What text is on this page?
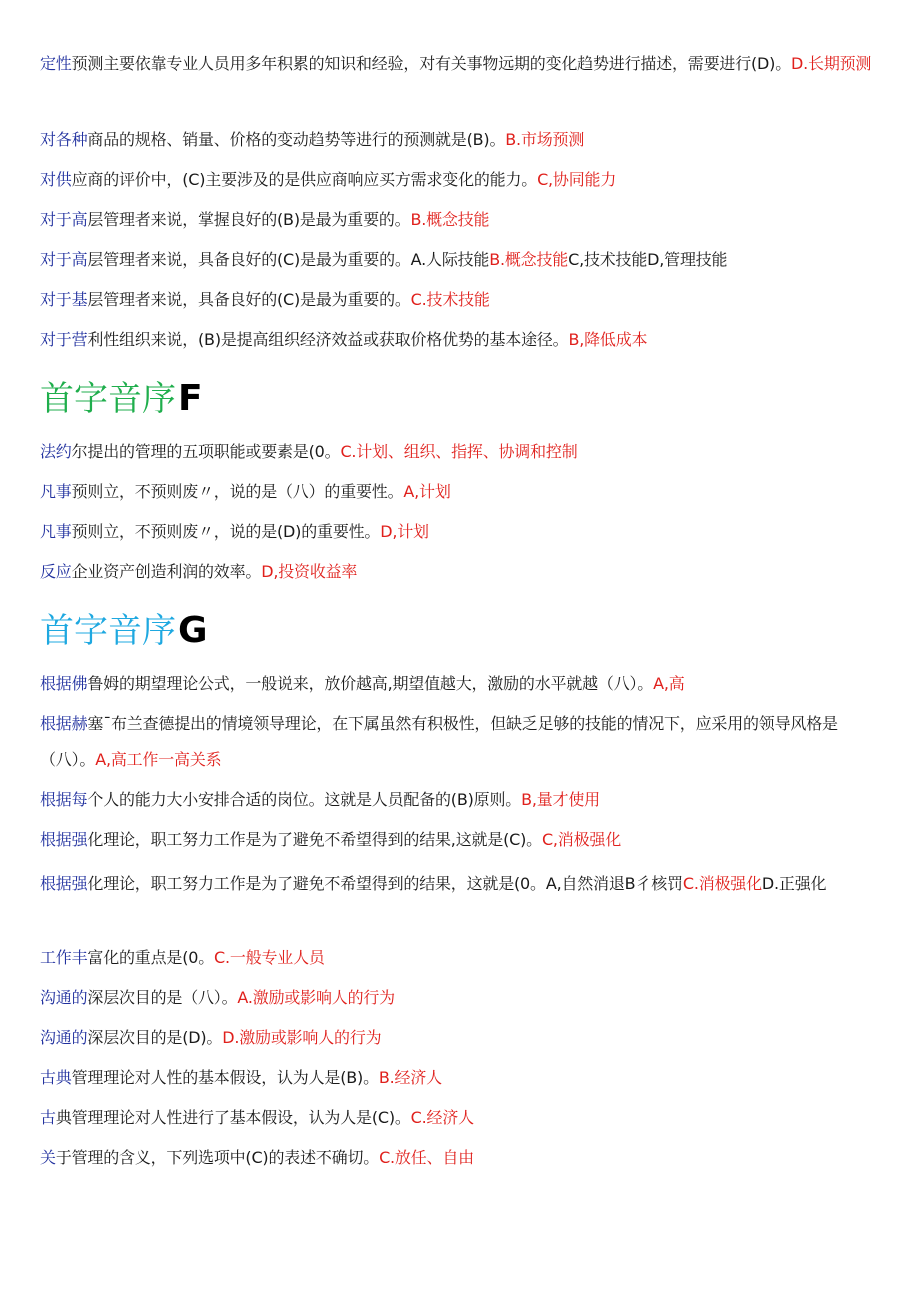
定性预测主要依靠专业人员用多年积累的知识和经验，对有关事物远期的变化趋势进行描述，需要进行(D)。D.长期预测
对各种商品的规格、销量、价格的变动趋势等进行的预测就是(B)。B.市场预测
对供应商的评价中，(C)主要涉及的是供应商响应买方需求变化的能力。C,协同能力
对于高层管理者来说，掌握良好的(B)是最为重要的。B.概念技能
对于高层管理者来说，具备良好的(C)是最为重要的。A.人际技能B.概念技能C,技术技能D,管理技能
对于基层管理者来说，具备良好的(C)是最为重要的。C.技术技能
对于营利性组织来说，(B)是提高组织经济效益或获取价格优势的基本途径。B,降低成本
首字音序F
法约尔提出的管理的五项职能或要素是(0。C.计划、组织、指挥、协调和控制
凡事预则立，不预则废〃，说的是（八）的重要性。A,计划
凡事预则立，不预则废〃，说的是(D)的重要性。D,计划
反应企业资产创造利润的效率。D,投资收益率
首字音序G
根据佛鲁姆的期望理论公式，一般说来，放价越高,期望值越大，激励的水平就越（八）。A,高
根据赫塞¯布兰查德提出的情境领导理论，在下属虽然有积极性，但缺乏足够的技能的情况下，应采用的领导风格是（八）。A,高工作一高关系
根据每个人的能力大小安排合适的岗位。这就是人员配备的(B)原则。B,量才使用
根据强化理论，职工努力工作是为了避免不希望得到的结果,这就是(C)。C,消极强化
根据强化理论，职工努力工作是为了避免不希望得到的结果，这就是(0。A,自然消退B彳核罚C.消极强化D.正强化
工作丰富化的重点是(0。C.一般专业人员
沟通的深层次目的是（八）。A.激励或影响人的行为
沟通的深层次目的是(D)。D.激励或影响人的行为
古典管理理论对人性的基本假设，认为人是(B)。B.经济人
古典管理理论对人性进行了基本假设，认为人是(C)。C.经济人
关于管理的含义，下列选项中(C)的表述不确切。C.放任、自由
